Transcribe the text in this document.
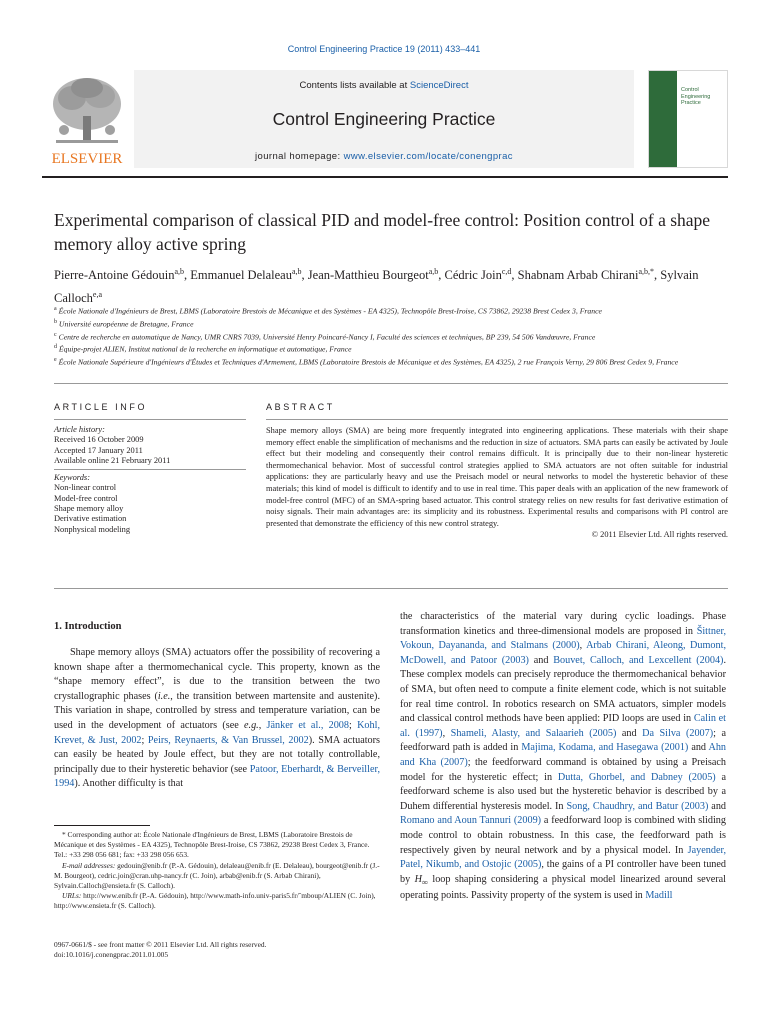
Control Engineering Practice 19 (2011) 433–441
Contents lists available at ScienceDirect
Control Engineering Practice
journal homepage: www.elsevier.com/locate/conengprac
ELSEVIER
Control
Engineering
Practice
Experimental comparison of classical PID and model-free control: Position control of a shape memory alloy active spring
Pierre-Antoine Gédouin$^{a,b}$, Emmanuel Delaleau$^{a,b}$, Jean-Matthieu Bourgeot$^{a,b}$, Cédric Join$^{c,d}$, Shabnam Arbab Chirani$^{a,b,*}$, Sylvain Calloch$^{e,a}$
$^a$ École Nationale d'Ingénieurs de Brest, LBMS (Laboratoire Brestois de Mécanique et des Systèmes - EA 4325), Technopôle Brest-Iroise, CS 73862, 29238 Brest Cedex 3, France
$^b$ Université européenne de Bretagne, France
$^c$ Centre de recherche en automatique de Nancy, UMR CNRS 7039, Université Henry Poincaré-Nancy I, Faculté des sciences et techniques, BP 239, 54 506 Vandœuvre, France
$^d$ Équipe-projet ALIEN, Institut national de la recherche en informatique et automatique, France
$^e$ École Nationale Supérieure d'Ingénieurs d'Études et Techniques d'Armement, LBMS (Laboratoire Brestois de Mécanique et des Systèmes, EA 4325), 2 rue François Verny, 29 806 Brest Cedex 9, France
ARTICLE INFO	ABSTRACT
Article history:
Received 16 October 2009
Accepted 17 January 2011
Available online 21 February 2011
Keywords:
Non-linear control
Model-free control
Shape memory alloy
Derivative estimation
Nonphysical modeling
Shape memory alloys (SMA) are being more frequently integrated into engineering applications. These materials with their shape memory effect enable the simplification of mechanisms and the reduction in size of actuators. SMA parts can easily be activated by Joule effect but their modeling and consequently their control remains difficult. It is principally due to their non-linear hysteretic thermomechanical behavior. Most of successful control strategies applied to SMA actuators are not often suitable for industrial applications: they are particularly heavy and use the Preisach model or neural networks to model the hysteretic behavior of these materials; this kind of model is difficult to identify and to use in real time. This paper deals with an application of the new framework of model-free control (MFC) of an SMA-spring based actuator. This control strategy relies on new results for fast derivative estimation of noisy signals. Their main advantages are: its simplicity and its robustness. Experimental results and comparisons with PI control are presented that demonstrate the efficiency of this new control strategy.
© 2011 Elsevier Ltd. All rights reserved.
1. Introduction

Shape memory alloys (SMA) actuators offer the possibility of recovering a known shape after a thermomechanical cycle. This property, known as the “shape memory effect”, is due to the transition between the two crystallographic phases (i.e., the transition between martensite and austenite). This variation in shape, controlled by stress and temperature variation, can be used in the development of actuators (see e.g., Jänker et al., 2008; Kohl, Krevet, & Just, 2002; Peirs, Reynaerts, & Van Brussel, 2002). SMA actuators can easily be heated by Joule effect, but they are not totally controllable, principally due to their hysteretic behavior (see Patoor, Eberhardt, & Berveiller, 1994). Another difficulty is that

the characteristics of the material vary during cyclic loadings. Phase transformation kinetics and three-dimensional models are proposed in Šittner, Vokoun, Dayananda, and Stalmans (2000), Arbab Chirani, Aleong, Dumont, McDowell, and Patoor (2003) and Bouvet, Calloch, and Lexcellent (2004). These complex models can precisely reproduce the thermomechanical behavior of SMA, but often need to compute a finite element code, which is not suitable for real time control. In robotics research on SMA actuators, simpler models and classical control methods have been applied: PID loops are used in Calin et al. (1997), Shameli, Alasty, and Salaarieh (2005) and Da Silva (2007); a feedforward path is added in Majima, Kodama, and Hasegawa (2001) and Ahn and Kha (2007); the feedforward command is obtained by using a Preisach model for the hysteretic effect; in Dutta, Ghorbel, and Dabney (2005) a feedforward scheme is also used but the hysteretic behavior is described by a Duhem differential hysteresis model. In Song, Chaudhry, and Batur (2003) and Romano and Aoun Tannuri (2009) a feedforward loop is combined with sliding mode control to obtain robustness. In this case, the feedforward path is respectively given by neural network and by a physical model. In Jayender, Patel, Nikumb, and Ostojic (2005), the gains of a PI controller have been tuned by $H_\infty$ loop shaping considering a physical model linearized around several operating points. Passivity property of the system is used in Madill

* Corresponding author at: École Nationale d'Ingénieurs de Brest, LBMS (Laboratoire Brestois de Mécanique et des Systèmes - EA 4325), Technopôle Brest-Iroise, CS 73862, 29238 Brest Cedex 3, France. Tel.: +33 298 056 681; fax: +33 298 056 653.
E-mail addresses: gedouin@enib.fr (P.-A. Gédouin), delaleau@enib.fr (E. Delaleau), bourgeot@enib.fr (J.-M. Bourgeot), cedric.join@cran.uhp-nancy.fr (C. Join), arbab@enib.fr (S. Arbab Chirani), Sylvain.Calloch@ensieta.fr (S. Calloch).
URLs: http://www.enib.fr (P.-A. Gédouin), http://www.math-info.univ-paris5.fr/˜mboup/ALIEN (C. Join), http://www.ensieta.fr (S. Calloch).
0967-0661/$ - see front matter © 2011 Elsevier Ltd. All rights reserved.
doi:10.1016/j.conengprac.2011.01.005
